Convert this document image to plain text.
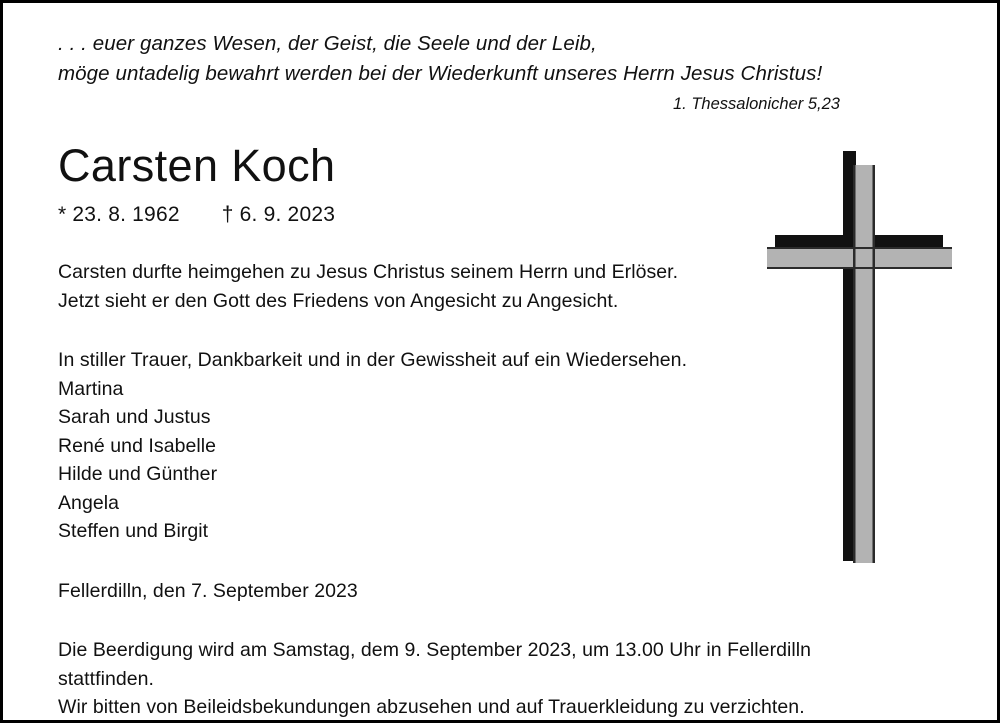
. . . euer ganzes Wesen, der Geist, die Seele und der Leib,
möge untadelig bewahrt werden bei der Wiederkunft unseres Herrn Jesus Christus!
1. Thessalonicher 5,23
Carsten Koch
* 23. 8. 1962 † 6. 9. 2023
Carsten durfte heimgehen zu Jesus Christus seinem Herrn und Erlöser.
Jetzt sieht er den Gott des Friedens von Angesicht zu Angesicht.
In stiller Trauer, Dankbarkeit und in der Gewissheit auf ein Wiedersehen.
Martina
Sarah und Justus
René und Isabelle
Hilde und Günther
Angela
Steffen und Birgit
Fellerdilln, den 7. September 2023
Die Beerdigung wird am Samstag, dem 9. September 2023, um 13.00 Uhr in Fellerdilln
stattfinden.
Wir bitten von Beileidsbekundungen abzusehen und auf Trauerkleidung zu verzichten.
